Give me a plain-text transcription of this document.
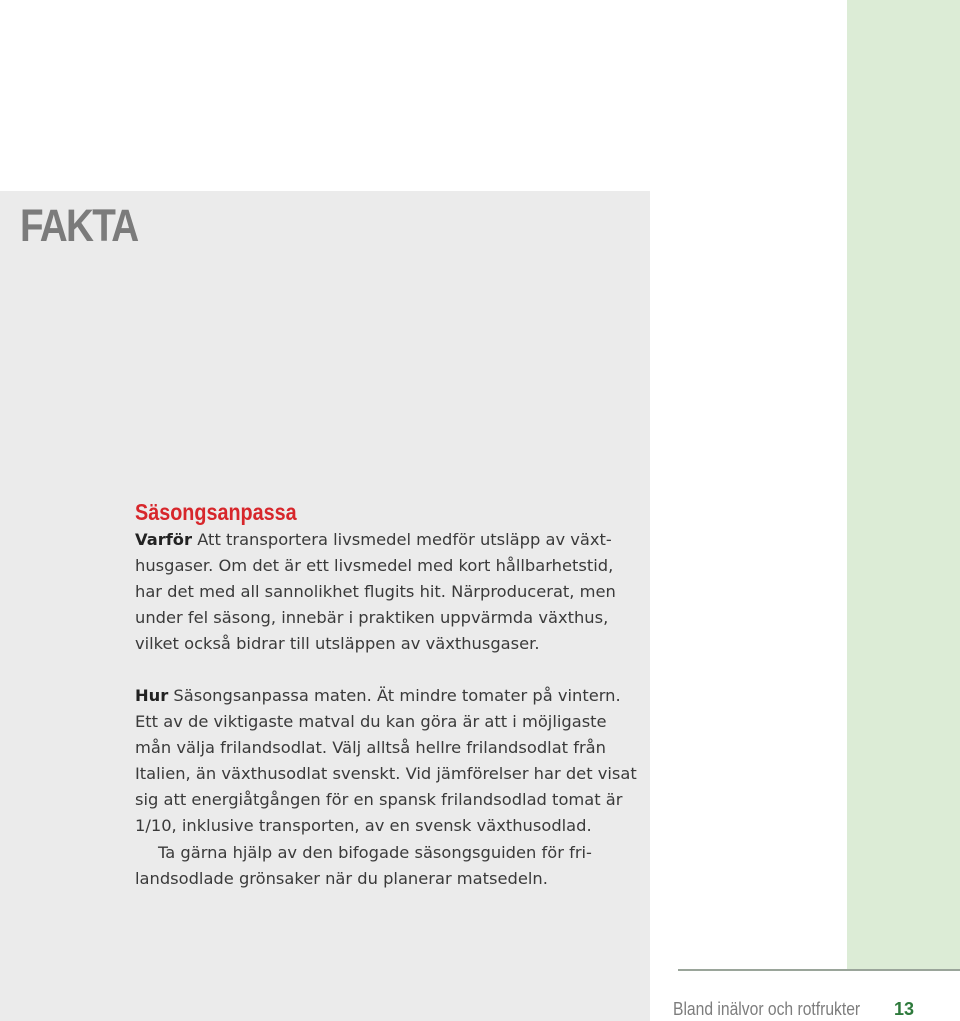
FAKTA
Säsongsanpassa
Varför Att transportera livsmedel medför utsläpp av växt-
husgaser. Om det är ett livsmedel med kort hållbarhetstid,
har det med all sannolikhet flugits hit. Närproducerat, men
under fel säsong, innebär i praktiken uppvärmda växthus,
vilket också bidrar till utsläppen av växthusgaser.
Hur Säsongsanpassa maten. Ät mindre tomater på vintern.
Ett av de viktigaste matval du kan göra är att i möjligaste
mån välja frilandsodlat. Välj alltså hellre frilandsodlat från
Italien, än växthusodlat svenskt. Vid jämförelser har det visat
sig att energiåtgången för en spansk frilandsodlad tomat är
1/10, inklusive transporten, av en svensk växthusodlad.
Ta gärna hjälp av den bifogade säsongsguiden för fri-
landsodlade grönsaker när du planerar matsedeln.
Bland inälvor och rotfrukter 13
